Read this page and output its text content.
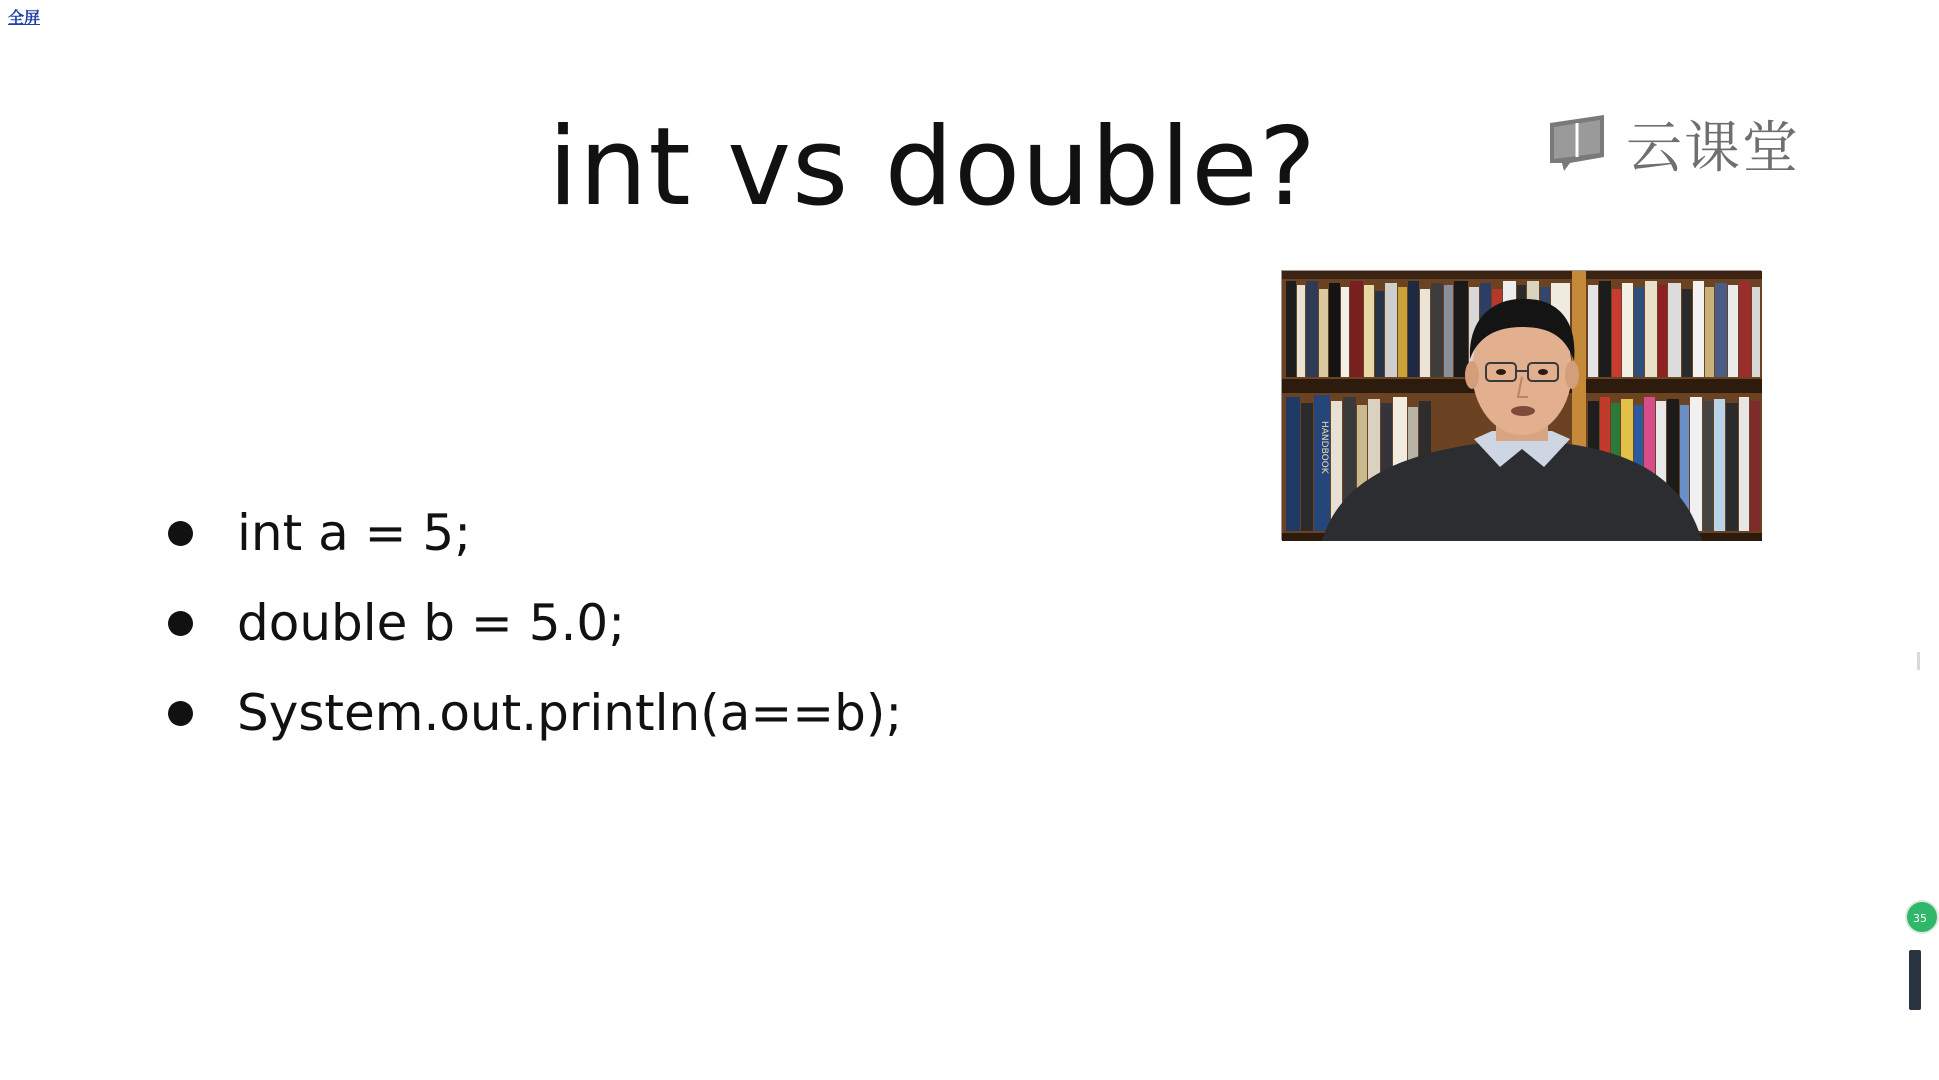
全屏
int vs double?	云课堂
HANDBOOK
int a = 5;
double b = 5.0;
System.out.println(a==b);
35
